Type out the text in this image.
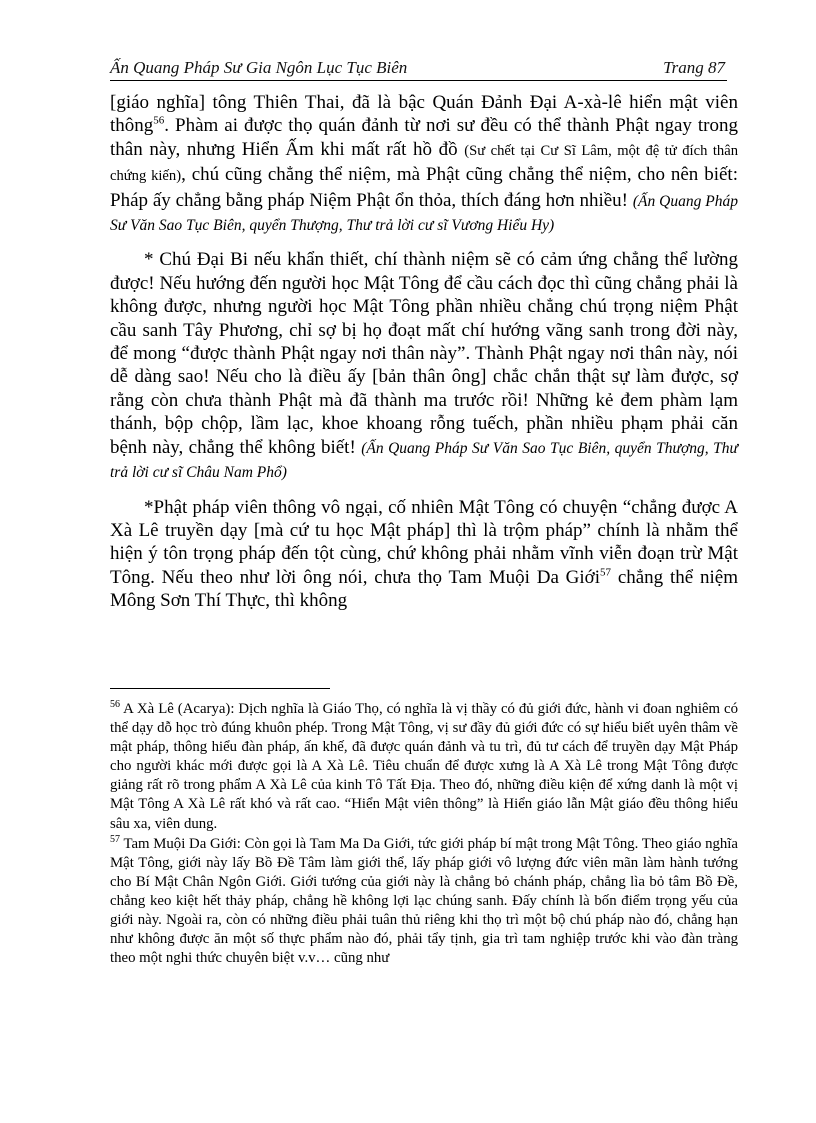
Ấn Quang Pháp Sư Gia Ngôn Lục Tục Biên	Trang 87

[giáo nghĩa] tông Thiên Thai, đã là bậc Quán Đảnh Đại A-xà-lê hiển mật viên thông$^{56}$. Phàm ai được thọ quán đảnh từ nơi sư đều có thể thành Phật ngay trong thân này, nhưng Hiển Ấm khi mất rất hồ đồ (Sư chết tại Cư Sĩ Lâm, một đệ tử đích thân chứng kiến), chú cũng chẳng thể niệm, mà Phật cũng chẳng thể niệm, cho nên biết: Pháp ấy chẳng bằng pháp Niệm Phật ổn thỏa, thích đáng hơn nhiều! (Ấn Quang Pháp Sư Văn Sao Tục Biên, quyển Thượng, Thư trả lời cư sĩ Vương Hiểu Hy)

* Chú Đại Bi nếu khẩn thiết, chí thành niệm sẽ có cảm ứng chẳng thể lường được! Nếu hướng đến người học Mật Tông để cầu cách đọc thì cũng chẳng phải là không được, nhưng người học Mật Tông phần nhiều chẳng chú trọng niệm Phật cầu sanh Tây Phương, chỉ sợ bị họ đoạt mất chí hướng vãng sanh trong đời này, để mong “được thành Phật ngay nơi thân này”. Thành Phật ngay nơi thân này, nói dễ dàng sao! Nếu cho là điều ấy [bản thân ông] chắc chắn thật sự làm được, sợ rằng còn chưa thành Phật mà đã thành ma trước rồi! Những kẻ đem phàm lạm thánh, bộp chộp, lầm lạc, khoe khoang rỗng tuếch, phần nhiều phạm phải căn bệnh này, chẳng thể không biết! (Ấn Quang Pháp Sư Văn Sao Tục Biên, quyển Thượng, Thư trả lời cư sĩ Châu Nam Phổ)

*Phật pháp viên thông vô ngại, cố nhiên Mật Tông có chuyện “chẳng được A Xà Lê truyền dạy [mà cứ tu học Mật pháp] thì là trộm pháp” chính là nhằm thể hiện ý tôn trọng pháp đến tột cùng, chứ không phải nhằm vĩnh viễn đoạn trừ Mật Tông. Nếu theo như lời ông nói, chưa thọ Tam Muội Da Giới$^{57}$ chẳng thể niệm Mông Sơn Thí Thực, thì không

$^{56}$ A Xà Lê (Acarya): Dịch nghĩa là Giáo Thọ, có nghĩa là vị thầy có đủ giới đức, hành vi đoan nghiêm có thể dạy dỗ học trò đúng khuôn phép. Trong Mật Tông, vị sư đầy đủ giới đức có sự hiểu biết uyên thâm về mật pháp, thông hiểu đàn pháp, ấn khế, đã được quán đảnh và tu trì, đủ tư cách để truyền dạy Mật Pháp cho người khác mới được gọi là A Xà Lê. Tiêu chuẩn để được xưng là A Xà Lê trong Mật Tông được giảng rất rõ trong phẩm A Xà Lê của kinh Tô Tất Địa. Theo đó, những điều kiện để xứng danh là một vị Mật Tông A Xà Lê rất khó và rất cao. “Hiển Mật viên thông” là Hiển giáo lẫn Mật giáo đều thông hiểu sâu xa, viên dung.

$^{57}$ Tam Muội Da Giới: Còn gọi là Tam Ma Da Giới, tức giới pháp bí mật trong Mật Tông. Theo giáo nghĩa Mật Tông, giới này lấy Bồ Đề Tâm làm giới thể, lấy pháp giới vô lượng đức viên mãn làm hành tướng cho Bí Mật Chân Ngôn Giới. Giới tướng của giới này là chẳng bỏ chánh pháp, chẳng lìa bỏ tâm Bồ Đề, chẳng keo kiệt hết thảy pháp, chẳng hề không lợi lạc chúng sanh. Đấy chính là bốn điểm trọng yếu của giới này. Ngoài ra, còn có những điều phải tuân thủ riêng khi thọ trì một bộ chú pháp nào đó, chẳng hạn như không được ăn một số thực phẩm nào đó, phải tẩy tịnh, gia trì tam nghiệp trước khi vào đàn tràng theo một nghi thức chuyên biệt v.v… cũng như
